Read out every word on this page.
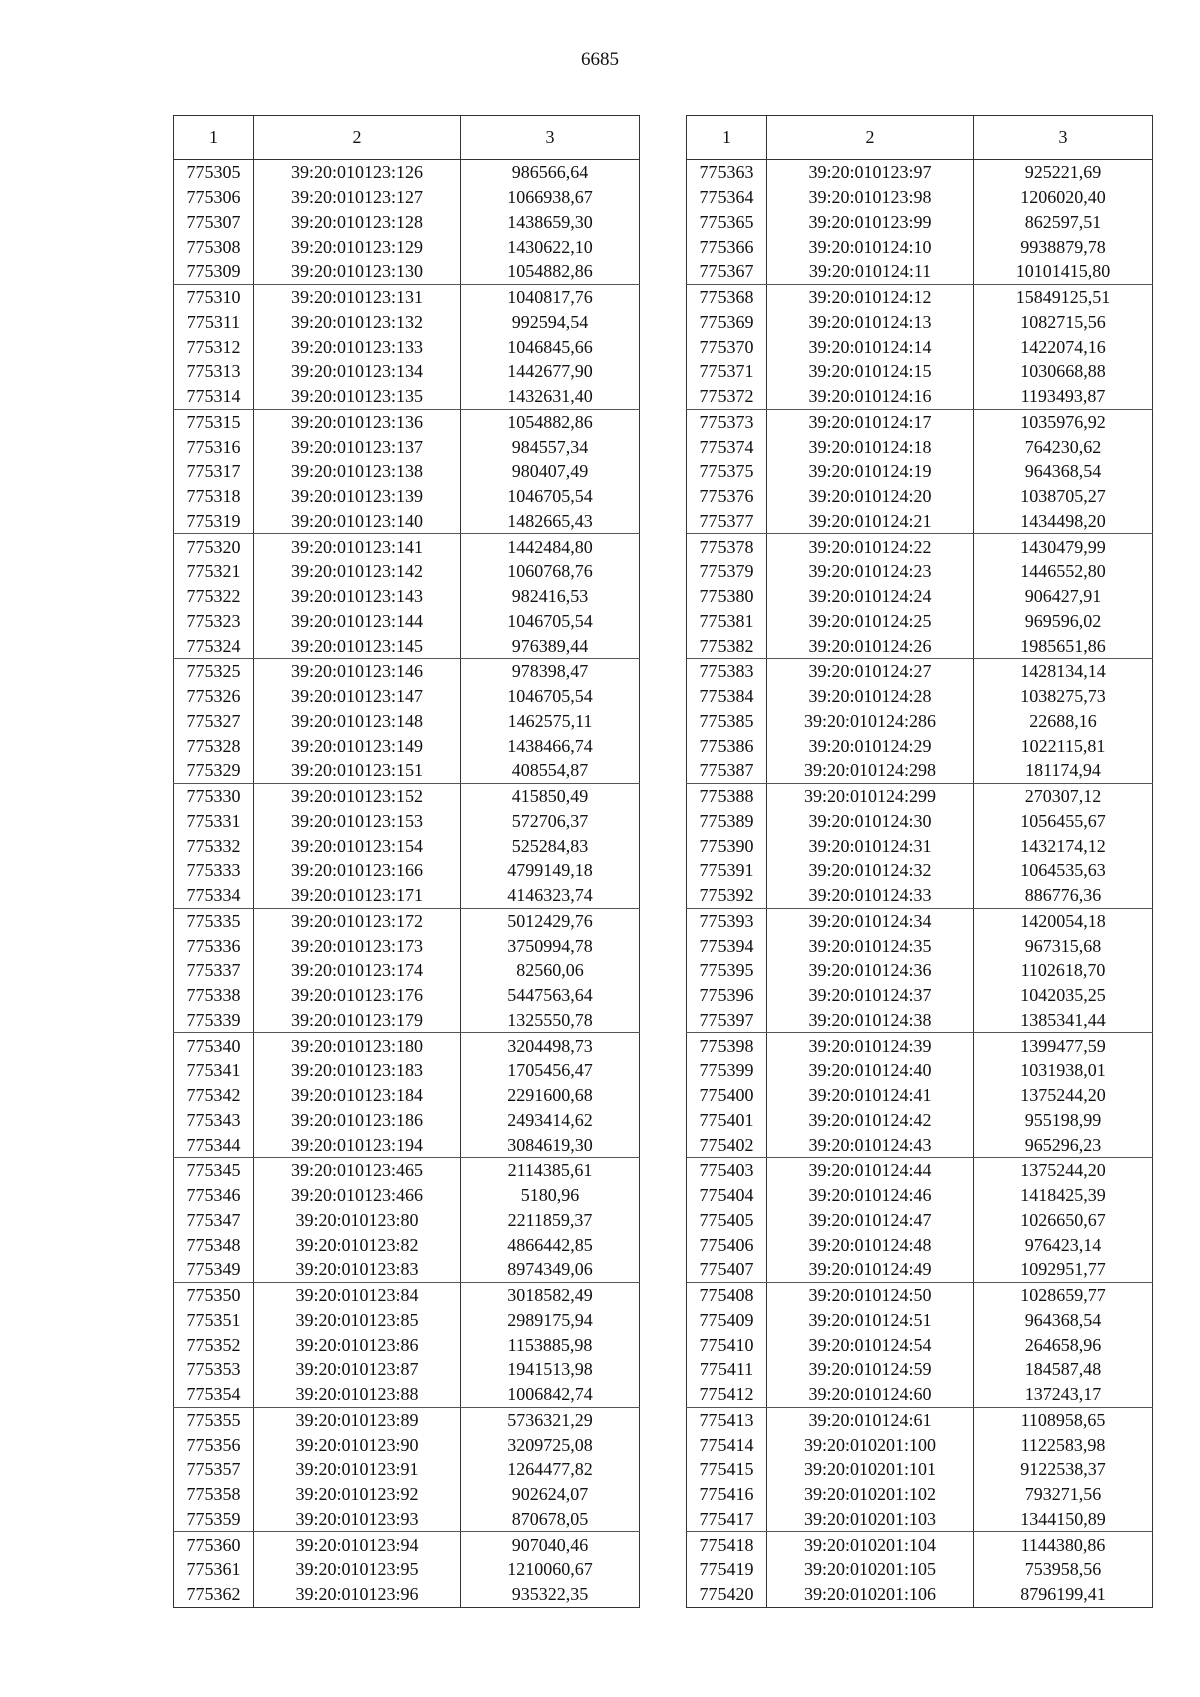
6685
1	2	3
775305	39:20:010123:126	986566,64
775306	39:20:010123:127	1066938,67
775307	39:20:010123:128	1438659,30
775308	39:20:010123:129	1430622,10
775309	39:20:010123:130	1054882,86
775310	39:20:010123:131	1040817,76
775311	39:20:010123:132	992594,54
775312	39:20:010123:133	1046845,66
775313	39:20:010123:134	1442677,90
775314	39:20:010123:135	1432631,40
775315	39:20:010123:136	1054882,86
775316	39:20:010123:137	984557,34
775317	39:20:010123:138	980407,49
775318	39:20:010123:139	1046705,54
775319	39:20:010123:140	1482665,43
775320	39:20:010123:141	1442484,80
775321	39:20:010123:142	1060768,76
775322	39:20:010123:143	982416,53
775323	39:20:010123:144	1046705,54
775324	39:20:010123:145	976389,44
775325	39:20:010123:146	978398,47
775326	39:20:010123:147	1046705,54
775327	39:20:010123:148	1462575,11
775328	39:20:010123:149	1438466,74
775329	39:20:010123:151	408554,87
775330	39:20:010123:152	415850,49
775331	39:20:010123:153	572706,37
775332	39:20:010123:154	525284,83
775333	39:20:010123:166	4799149,18
775334	39:20:010123:171	4146323,74
775335	39:20:010123:172	5012429,76
775336	39:20:010123:173	3750994,78
775337	39:20:010123:174	82560,06
775338	39:20:010123:176	5447563,64
775339	39:20:010123:179	1325550,78
775340	39:20:010123:180	3204498,73
775341	39:20:010123:183	1705456,47
775342	39:20:010123:184	2291600,68
775343	39:20:010123:186	2493414,62
775344	39:20:010123:194	3084619,30
775345	39:20:010123:465	2114385,61
775346	39:20:010123:466	5180,96
775347	39:20:010123:80	2211859,37
775348	39:20:010123:82	4866442,85
775349	39:20:010123:83	8974349,06
775350	39:20:010123:84	3018582,49
775351	39:20:010123:85	2989175,94
775352	39:20:010123:86	1153885,98
775353	39:20:010123:87	1941513,98
775354	39:20:010123:88	1006842,74
775355	39:20:010123:89	5736321,29
775356	39:20:010123:90	3209725,08
775357	39:20:010123:91	1264477,82
775358	39:20:010123:92	902624,07
775359	39:20:010123:93	870678,05
775360	39:20:010123:94	907040,46
775361	39:20:010123:95	1210060,67
775362	39:20:010123:96	935322,35
1	2	3
775363	39:20:010123:97	925221,69
775364	39:20:010123:98	1206020,40
775365	39:20:010123:99	862597,51
775366	39:20:010124:10	9938879,78
775367	39:20:010124:11	10101415,80
775368	39:20:010124:12	15849125,51
775369	39:20:010124:13	1082715,56
775370	39:20:010124:14	1422074,16
775371	39:20:010124:15	1030668,88
775372	39:20:010124:16	1193493,87
775373	39:20:010124:17	1035976,92
775374	39:20:010124:18	764230,62
775375	39:20:010124:19	964368,54
775376	39:20:010124:20	1038705,27
775377	39:20:010124:21	1434498,20
775378	39:20:010124:22	1430479,99
775379	39:20:010124:23	1446552,80
775380	39:20:010124:24	906427,91
775381	39:20:010124:25	969596,02
775382	39:20:010124:26	1985651,86
775383	39:20:010124:27	1428134,14
775384	39:20:010124:28	1038275,73
775385	39:20:010124:286	22688,16
775386	39:20:010124:29	1022115,81
775387	39:20:010124:298	181174,94
775388	39:20:010124:299	270307,12
775389	39:20:010124:30	1056455,67
775390	39:20:010124:31	1432174,12
775391	39:20:010124:32	1064535,63
775392	39:20:010124:33	886776,36
775393	39:20:010124:34	1420054,18
775394	39:20:010124:35	967315,68
775395	39:20:010124:36	1102618,70
775396	39:20:010124:37	1042035,25
775397	39:20:010124:38	1385341,44
775398	39:20:010124:39	1399477,59
775399	39:20:010124:40	1031938,01
775400	39:20:010124:41	1375244,20
775401	39:20:010124:42	955198,99
775402	39:20:010124:43	965296,23
775403	39:20:010124:44	1375244,20
775404	39:20:010124:46	1418425,39
775405	39:20:010124:47	1026650,67
775406	39:20:010124:48	976423,14
775407	39:20:010124:49	1092951,77
775408	39:20:010124:50	1028659,77
775409	39:20:010124:51	964368,54
775410	39:20:010124:54	264658,96
775411	39:20:010124:59	184587,48
775412	39:20:010124:60	137243,17
775413	39:20:010124:61	1108958,65
775414	39:20:010201:100	1122583,98
775415	39:20:010201:101	9122538,37
775416	39:20:010201:102	793271,56
775417	39:20:010201:103	1344150,89
775418	39:20:010201:104	1144380,86
775419	39:20:010201:105	753958,56
775420	39:20:010201:106	8796199,41
